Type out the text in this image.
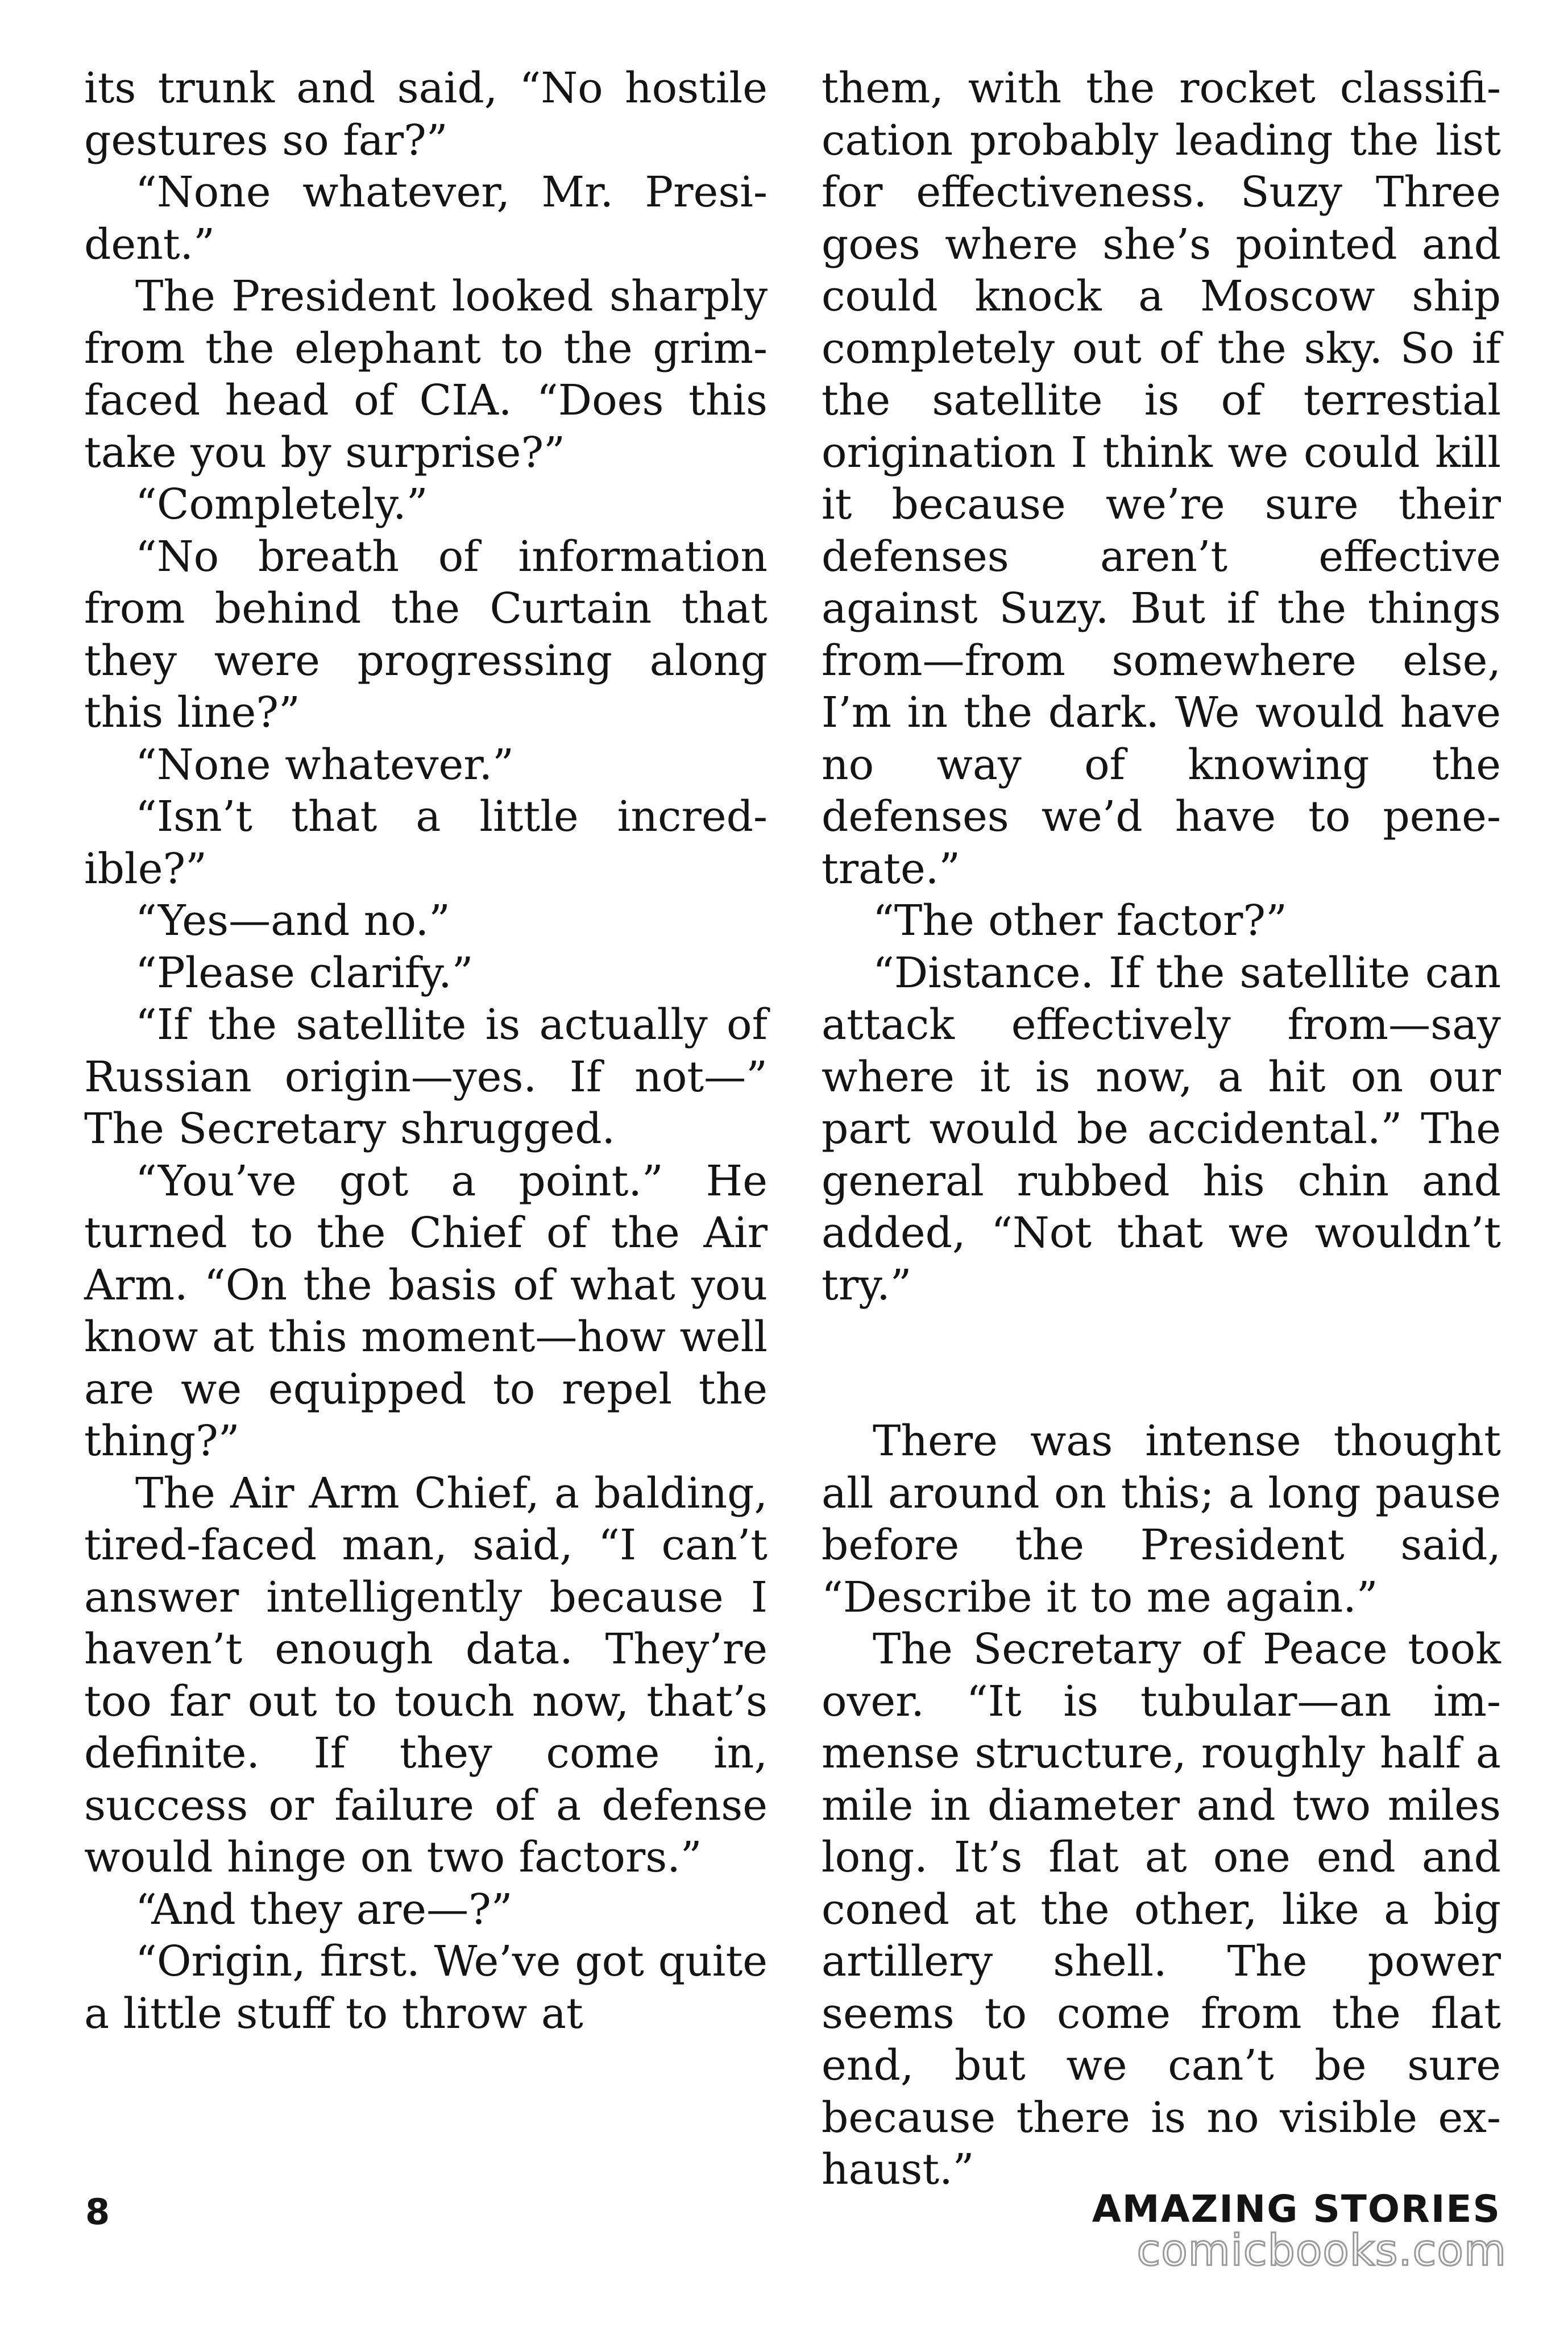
its trunk and said, “No hostile gestures so far?”

“None whatever, Mr. President.”

The President looked sharply from the elephant to the grim-faced head of CIA. “Does this take you by surprise?”

“Completely.”

“No breath of information from behind the Curtain that they were progressing along this line?”

“None whatever.”

“Isn’t that a little incredible?”

“Yes—and no.”

“Please clarify.”

“If the satellite is actually of Russian origin—yes. If not—” The Secretary shrugged.

“You’ve got a point.” He turned to the Chief of the Air Arm. “On the basis of what you know at this moment—how well are we equipped to repel the thing?”

The Air Arm Chief, a balding, tired-faced man, said, “I can’t answer intelligently because I haven’t enough data. They’re too far out to touch now, that’s definite. If they come in, success or failure of a defense would hinge on two factors.”

“And they are—?”

“Origin, first. We’ve got quite a little stuff to throw at

them, with the rocket classification probably leading the list for effectiveness. Suzy Three goes where she’s pointed and could knock a Moscow ship completely out of the sky. So if the satellite is of terrestial origination I think we could kill it because we’re sure their defenses aren’t effective against Suzy. But if the things from—from somewhere else, I’m in the dark. We would have no way of knowing the defenses we’d have to penetrate.”

“The other factor?”

“Distance. If the satellite can attack effectively from—say where it is now, a hit on our part would be accidental.” The general rubbed his chin and added, “Not that we wouldn’t try.”

There was intense thought all around on this; a long pause before the President said, “Describe it to me again.”

The Secretary of Peace took over. “It is tubular—an immense structure, roughly half a mile in diameter and two miles long. It’s flat at one end and coned at the other, like a big artillery shell. The power seems to come from the flat end, but we can’t be sure because there is no visible exhaust.”

8	AMAZING STORIES
comicbooks.com
